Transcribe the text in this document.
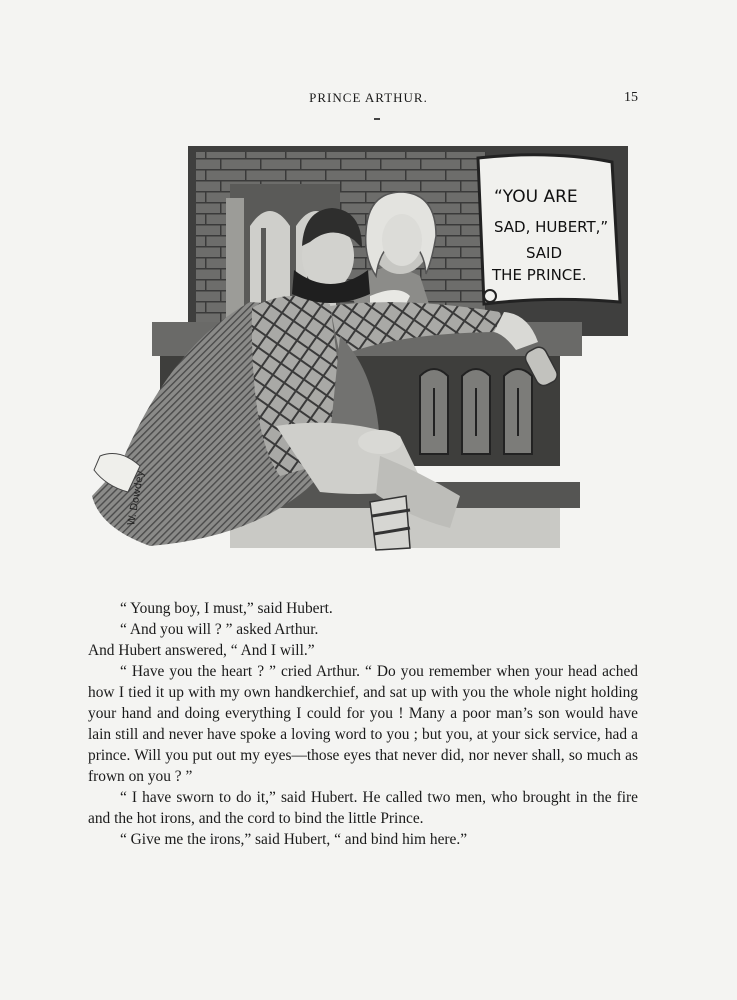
PRINCE ARTHUR.	15
“YOU ARE
SAD, HUBERT,”
SAID
THE PRINCE.
W. Dowdey

“ Young boy, I must,” said Hubert.

“ And you will ? ” asked Arthur.

And Hubert answered, “ And I will.”

“ Have you the heart ? ” cried Arthur. “ Do you remember when your head ached how I tied it up with my own handkerchief, and sat up with you the whole night holding your hand and doing everything I could for you ! Many a poor man’s son would have lain still and never have spoke a loving word to you ; but you, at your sick service, had a prince. Will you put out my eyes—those eyes that never did, nor never shall, so much as frown on you ? ”

“ I have sworn to do it,” said Hubert. He called two men, who brought in the fire and the hot irons, and the cord to bind the little Prince.

“ Give me the irons,” said Hubert, “ and bind him here.”
